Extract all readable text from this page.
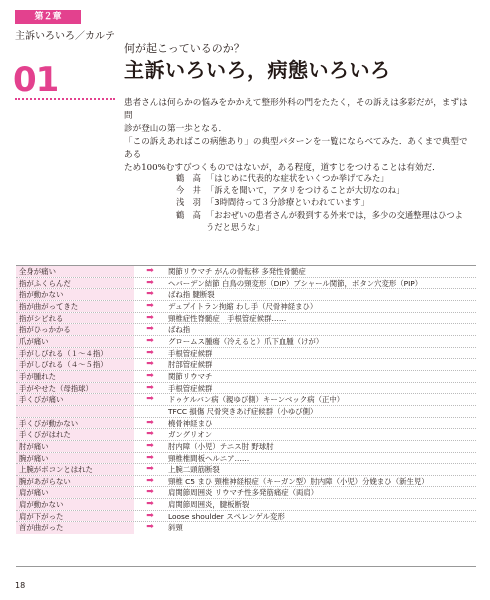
第２章
主訴いろいろ／カルテ
01
何が起こっているのか？
主訴いろいろ，病態いろいろ

患者さんは何らかの悩みをかかえて整形外科の門をたたく，その訴えは多彩だが，まずは問

診が登山の第一歩となる．

「この訴えあればこの病態あり」の典型パターンを一覧にならべてみた．あくまで典型である

ため100%むすびつくものではないが，ある程度，道すじをつけることは有効だ．

鶴　高 「はじめに代表的な症状をいくつか挙げてみた」
今　井 「訴えを聞いて，アタリをつけることが大切なのね」
浅　羽 「3時間待って３分診療といわれています」
鶴　高 「おおぜいの患者さんが殺到する外来では，多少の交通整理はひつよ
うだと思うな」
全身が痛い	➡	関節リウマチ がんの骨転移 多発性骨髄症
指がふくらんだ	➡	ヘバーデン結節 白鳥の頸変形（DIP）ブシャール関節，ボタン穴変形（PIP）
指が動かない	➡	ばね指 腱断裂
指が曲がってきた	➡	デュプイトラン拘縮 わし手（尺骨神経まひ）
指がシビれる	➡	頸椎症性脊髄症　手根管症候群……
指がひっかかる	➡	ばね指
爪が痛い	➡	グロームス腫瘍（冷えると）爪下血腫（けが）
手がしびれる（１〜４指）	➡	手根管症候群
手がしびれる（４〜５指）	➡	肘部管症候群
手が腫れた	➡	関節リウマチ
手がやせた（母指球）	➡	手根管症候群
手くびが痛い	➡	ドゥケルバン病（親ゆび側）キーンベック病（正中）
TFCC 損傷 尺骨突きあげ症候群（小ゆび側）
手くびが動かない	➡	橈骨神経まひ
手くびがはれた	➡	ガングリオン
肘が痛い	➡	肘内障（小児）テニス肘 野球肘
腕が痛い	➡	頸椎椎間板ヘルニア……
上腕がボコンとはれた	➡	上腕二頭筋断裂
腕があがらない	➡	頸椎 C5 まひ 頸椎神経根症（キーガン型）肘内障（小児）分娩まひ（新生児）
肩が痛い	➡	肩関節周囲炎 リウマチ性多発筋痛症（両肩）
肩が動かない	➡	肩関節周囲炎，腱板断裂
肩が下がった	➡	Loose shoulder スペレンゲル変形
首が曲がった	➡	斜頸
18
